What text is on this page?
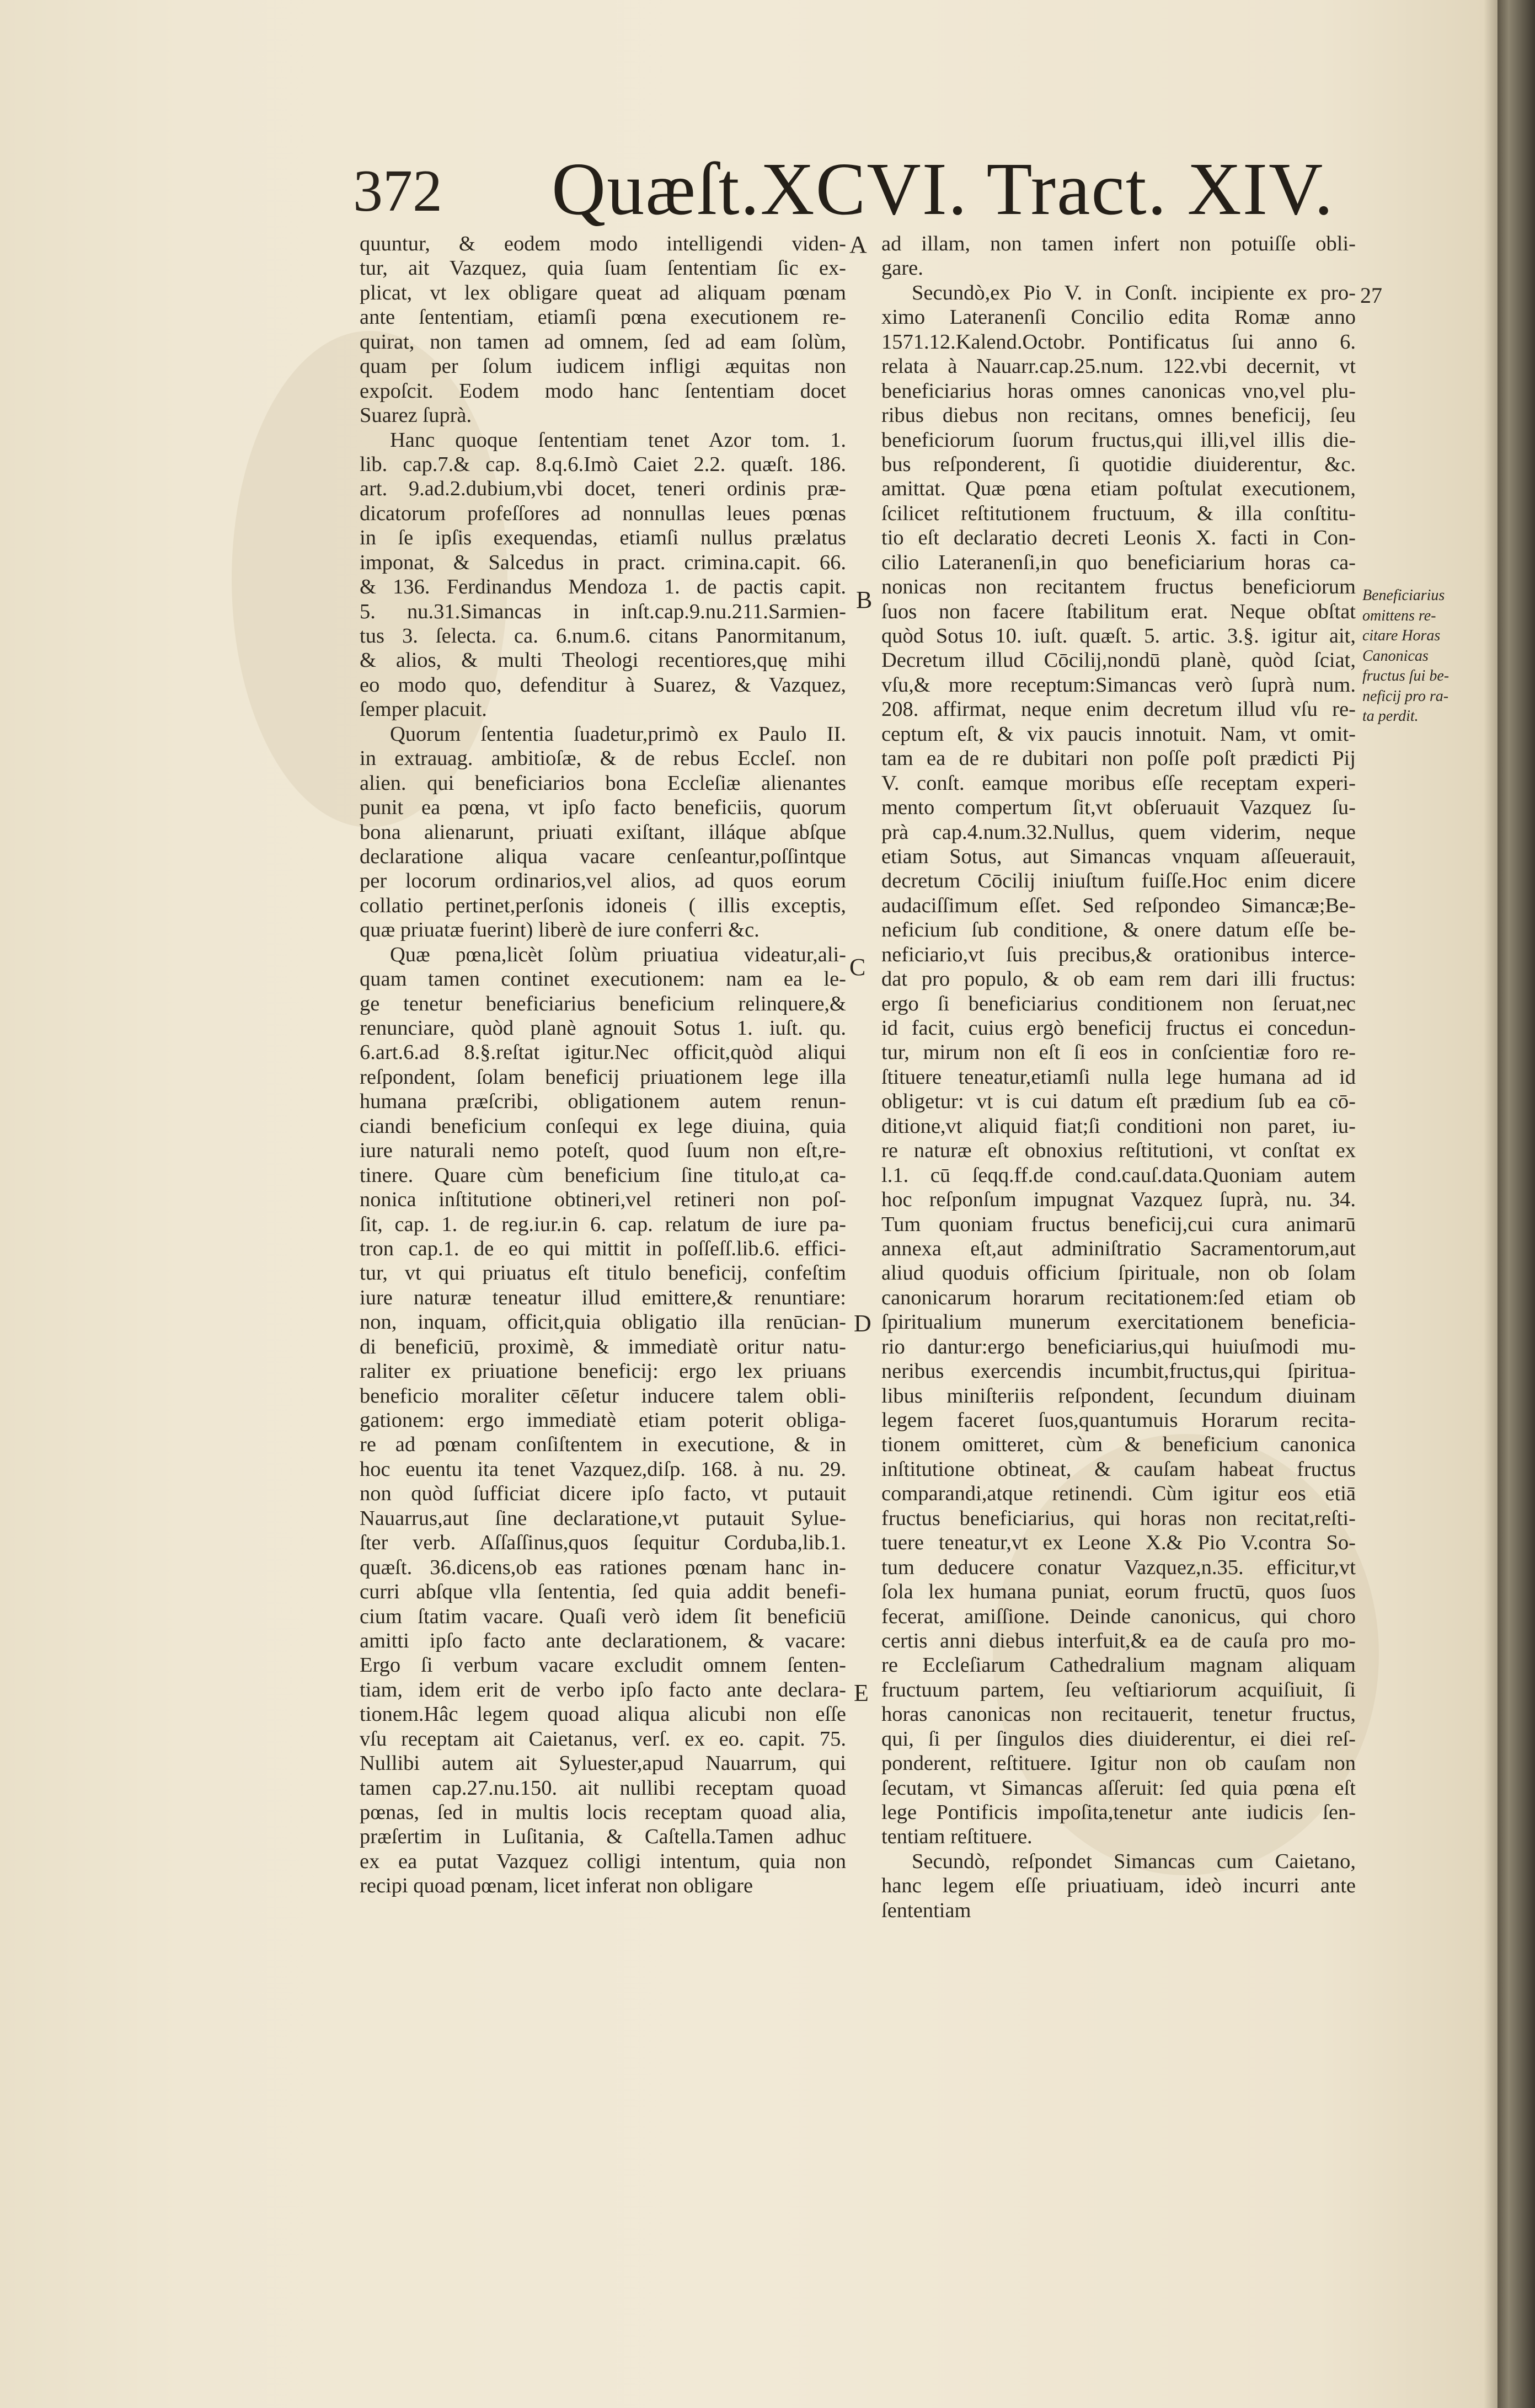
372 Quæſt.XCVI. Tract. XIV.
quuntur, & eodem modo intelligendi viden-
tur, ait Vazquez, quia ſuam ſententiam ſic ex-
plicat, vt lex obligare queat ad aliquam pœnam
ante ſententiam, etiamſi pœna executionem re-
quirat, non tamen ad omnem, ſed ad eam ſolùm,
quam per ſolum iudicem infligi æquitas non
expoſcit. Eodem modo hanc ſententiam docet
Suarez ſuprà.
Hanc quoque ſententiam tenet Azor tom. 1.
lib. cap.7.& cap. 8.q.6.Imò Caiet 2.2. quæſt. 186.
art. 9.ad.2.dubium,vbi docet, teneri ordinis præ-
dicatorum profeſſores ad nonnullas leues pœnas
in ſe ipſis exequendas, etiamſi nullus prælatus
imponat, & Salcedus in pract. crimina.capit. 66.
& 136. Ferdinandus Mendoza 1. de pactis capit.
5. nu.31.Simancas in inſt.cap.9.nu.211.Sarmien-
tus 3. ſelecta. ca. 6.num.6. citans Panormitanum,
& alios, & multi Theologi recentiores,quę mihi
eo modo quo, defenditur à Suarez, & Vazquez,
ſemper placuit.
Quorum ſententia ſuadetur,primò ex Paulo II.
in extrauag. ambitioſæ, & de rebus Eccleſ. non
alien. qui beneficiarios bona Eccleſiæ alienantes
punit ea pœna, vt ipſo facto beneficiis, quorum
bona alienarunt, priuati exiſtant, illáque abſque
declaratione aliqua vacare cenſeantur,poſſintque
per locorum ordinarios,vel alios, ad quos eorum
collatio pertinet,perſonis idoneis ( illis exceptis,
quæ priuatæ fuerint) liberè de iure conferri &c.
Quæ pœna,licèt ſolùm priuatiua videatur,ali-
quam tamen continet executionem: nam ea le-
ge tenetur beneficiarius beneficium relinquere,&
renunciare, quòd planè agnouit Sotus 1. iuſt. qu.
6.art.6.ad 8.§.reſtat igitur.Nec officit,quòd aliqui
reſpondent, ſolam beneficij priuationem lege illa
humana præſcribi, obligationem autem renun-
ciandi beneficium conſequi ex lege diuina, quia
iure naturali nemo poteſt, quod ſuum non eſt,re-
tinere. Quare cùm beneficium ſine titulo,at ca-
nonica inſtitutione obtineri,vel retineri non poſ-
ſit, cap. 1. de reg.iur.in 6. cap. relatum de iure pa-
tron cap.1. de eo qui mittit in poſſeſſ.lib.6. effici-
tur, vt qui priuatus eſt titulo beneficij, confeſtim
iure naturæ teneatur illud emittere,& renuntiare:
non, inquam, officit,quia obligatio illa renūcian-
di beneficiū, proximè, & immediatè oritur natu-
raliter ex priuatione beneficij: ergo lex priuans
beneficio moraliter cēſetur inducere talem obli-
gationem: ergo immediatè etiam poterit obliga-
re ad pœnam conſiſtentem in executione, & in
hoc euentu ita tenet Vazquez,diſp. 168. à nu. 29.
non quòd ſufficiat dicere ipſo facto, vt putauit
Nauarrus,aut ſine declaratione,vt putauit Sylue-
ſter verb. Aſſaſſinus,quos ſequitur Corduba,lib.1.
quæſt. 36.dicens,ob eas rationes pœnam hanc in-
curri abſque vlla ſententia, ſed quia addit benefi-
cium ſtatim vacare. Quaſi verò idem ſit beneficiū
amitti ipſo facto ante declarationem, & vacare:
Ergo ſi verbum vacare excludit omnem ſenten-
tiam, idem erit de verbo ipſo facto ante declara-
tionem.Hâc legem quoad aliqua alicubi non eſſe
vſu receptam ait Caietanus, verſ. ex eo. capit. 75.
Nullibi autem ait Syluester,apud Nauarrum, qui
tamen cap.27.nu.150. ait nullibi receptam quoad
pœnas, ſed in multis locis receptam quoad alia,
præſertim in Luſitania, & Caſtella.Tamen adhuc
ex ea putat Vazquez colligi intentum, quia non
recipi quoad pœnam, licet inferat non obligare
ad illam, non tamen infert non potuiſſe obli-
gare.
Secundò,ex Pio V. in Conſt. incipiente ex pro-
ximo Lateranenſi Concilio edita Romæ anno
1571.12.Kalend.Octobr. Pontificatus ſui anno 6.
relata à Nauarr.cap.25.num. 122.vbi decernit, vt
beneficiarius horas omnes canonicas vno,vel plu-
ribus diebus non recitans, omnes beneficij, ſeu
beneficiorum ſuorum fructus,qui illi,vel illis die-
bus reſponderent, ſi quotidie diuiderentur, &c.
amittat. Quæ pœna etiam poſtulat executionem,
ſcilicet reſtitutionem fructuum, & illa conſtitu-
tio eſt declaratio decreti Leonis X. facti in Con-
cilio Lateranenſi,in quo beneficiarium horas ca-
nonicas non recitantem fructus beneficiorum
ſuos non facere ſtabilitum erat. Neque obſtat
quòd Sotus 10. iuſt. quæſt. 5. artic. 3.§. igitur ait,
Decretum illud Cōcilij,nondū planè, quòd ſciat,
vſu,& more receptum:Simancas verò ſuprà num.
208. affirmat, neque enim decretum illud vſu re-
ceptum eſt, & vix paucis innotuit. Nam, vt omit-
tam ea de re dubitari non poſſe poſt prædicti Pij
V. conſt. eamque moribus eſſe receptam experi-
mento compertum ſit,vt obſeruauit Vazquez ſu-
prà cap.4.num.32.Nullus, quem viderim, neque
etiam Sotus, aut Simancas vnquam aſſeuerauit,
decretum Cōcilij iniuſtum fuiſſe.Hoc enim dicere
audaciſſimum eſſet. Sed reſpondeo Simancæ;Be-
neficium ſub conditione, & onere datum eſſe be-
neficiario,vt ſuis precibus,& orationibus interce-
dat pro populo, & ob eam rem dari illi fructus:
ergo ſi beneficiarius conditionem non ſeruat,nec
id facit, cuius ergò beneficij fructus ei concedun-
tur, mirum non eſt ſi eos in conſcientiæ foro re-
ſtituere teneatur,etiamſi nulla lege humana ad id
obligetur: vt is cui datum eſt prædium ſub ea cō-
ditione,vt aliquid fiat;ſi conditioni non paret, iu-
re naturæ eſt obnoxius reſtitutioni, vt conſtat ex
l.1. cū ſeqq.ff.de cond.cauſ.data.Quoniam autem
hoc reſponſum impugnat Vazquez ſuprà, nu. 34.
Tum quoniam fructus beneficij,cui cura animarū
annexa eſt,aut adminiſtratio Sacramentorum,aut
aliud quoduis officium ſpirituale, non ob ſolam
canonicarum horarum recitationem:ſed etiam ob
ſpiritualium munerum exercitationem beneficia-
rio dantur:ergo beneficiarius,qui huiuſmodi mu-
neribus exercendis incumbit,fructus,qui ſpiritua-
libus miniſteriis reſpondent, ſecundum diuinam
legem faceret ſuos,quantumuis Horarum recita-
tionem omitteret, cùm & beneficium canonica
inſtitutione obtineat, & cauſam habeat fructus
comparandi,atque retinendi. Cùm igitur eos etiā
fructus beneficiarius, qui horas non recitat,reſti-
tuere teneatur,vt ex Leone X.& Pio V.contra So-
tum deducere conatur Vazquez,n.35. efficitur,vt
ſola lex humana puniat, eorum fructū, quos ſuos
fecerat, amiſſione. Deinde canonicus, qui choro
certis anni diebus interfuit,& ea de cauſa pro mo-
re Eccleſiarum Cathedralium magnam aliquam
fructuum partem, ſeu veſtiariorum acquiſiuit, ſi
horas canonicas non recitauerit, tenetur fructus,
qui, ſi per ſingulos dies diuiderentur, ei diei reſ-
ponderent, reſtituere. Igitur non ob cauſam non
ſecutam, vt Simancas aſſeruit: ſed quia pœna eſt
lege Pontificis impoſita,tenetur ante iudicis ſen-
tentiam reſtituere.
Secundò, reſpondet Simancas cum Caietano,
hanc legem eſſe priuatiuam, ideò incurri ante
ſententiam
A
B
C
D
E
27
Beneficiarius
omittens re-
citare Horas
Canonicas
fructus ſui be-
neficij pro ra-
ta perdit.
